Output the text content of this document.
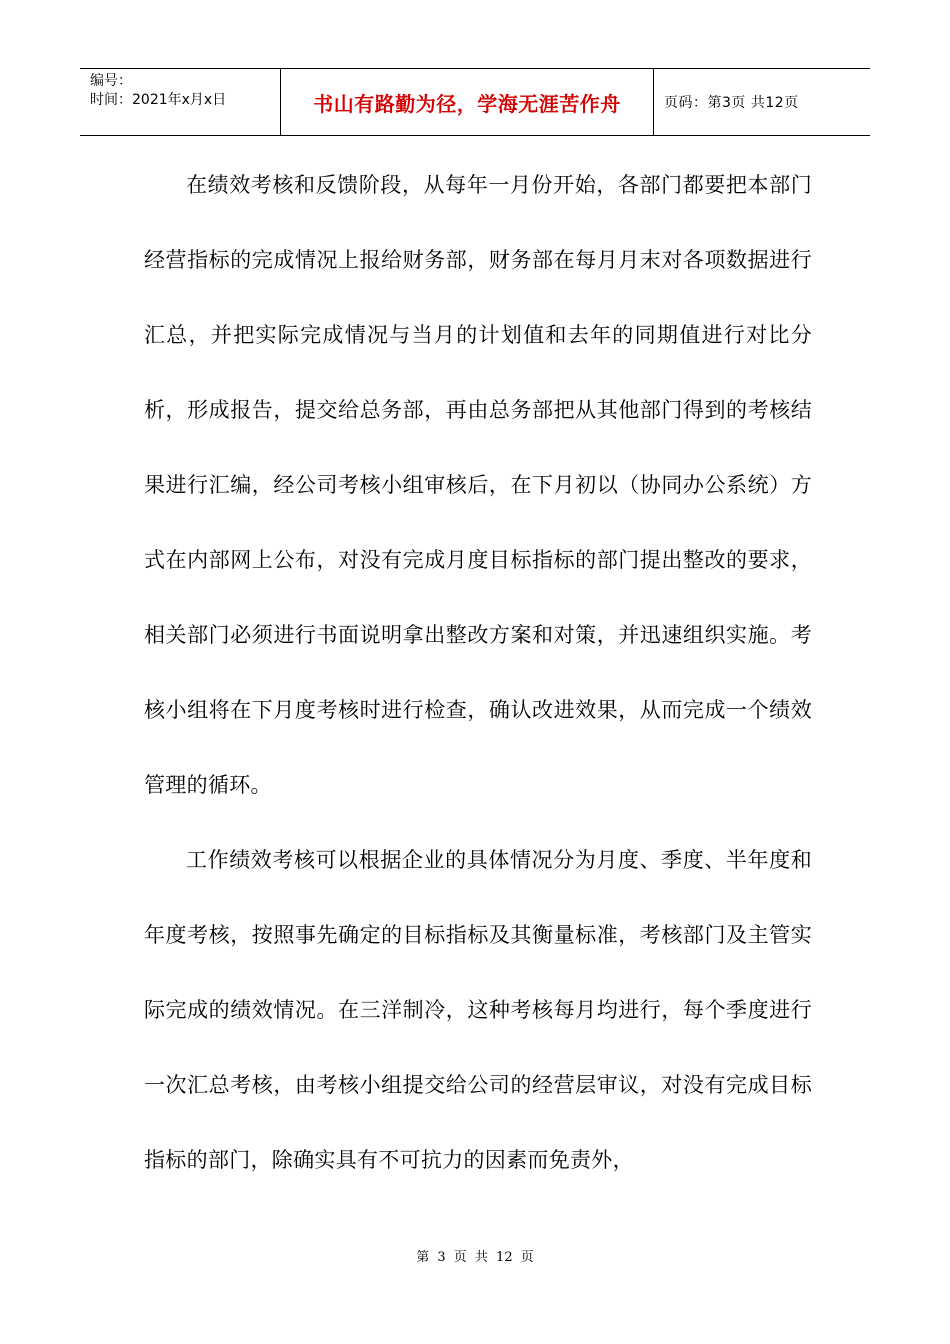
编号：
时间：2021年x月x日	书山有路勤为径，学海无涯苦作舟	页码：第3页 共12页

在绩效考核和反馈阶段，从每年一月份开始，各部门都要把本部门经营指标的完成情况上报给财务部，财务部在每月月末对各项数据进行汇总，并把实际完成情况与当月的计划值和去年的同期值进行对比分析，形成报告，提交给总务部，再由总务部把从其他部门得到的考核结果进行汇编，经公司考核小组审核后，在下月初以（协同办公系统）方式在内部网上公布，对没有完成月度目标指标的部门提出整改的要求，相关部门必须进行书面说明拿出整改方案和对策，并迅速组织实施。考核小组将在下月度考核时进行检查，确认改进效果，从而完成一个绩效管理的循环。

工作绩效考核可以根据企业的具体情况分为月度、季度、半年度和年度考核，按照事先确定的目标指标及其衡量标准，考核部门及主管实际完成的绩效情况。在三洋制冷，这种考核每月均进行，每个季度进行一次汇总考核，由考核小组提交给公司的经营层审议，对没有完成目标指标的部门，除确实具有不可抗力的因素而免责外，

第 3 页 共 12 页
